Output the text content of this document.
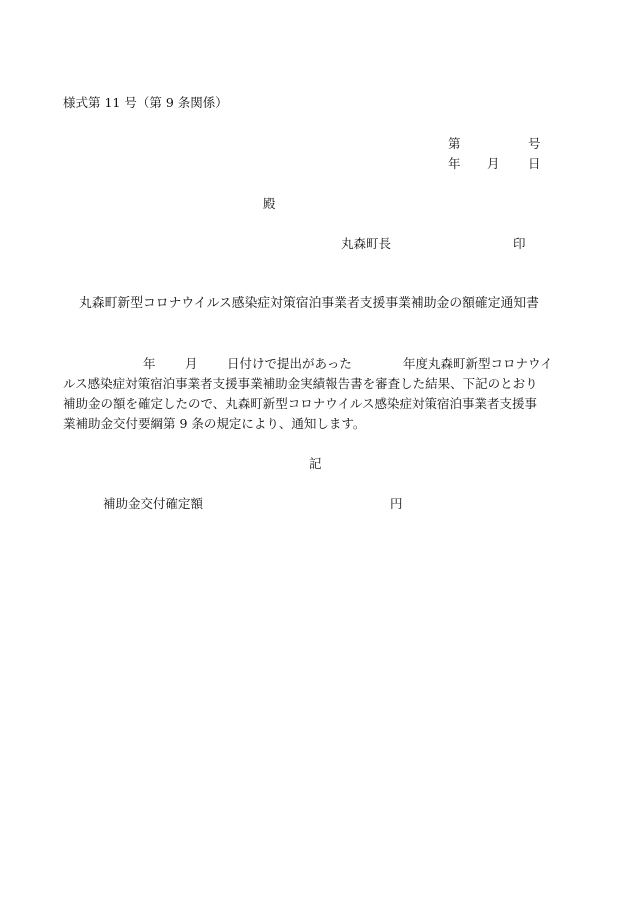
様式第 11 号（第 9 条関係）
第	号
年 月 日
殿
丸森町長	印
丸森町新型コロナウイルス感染症対策宿泊事業者支援事業補助金の額確定通知書
年 月 日付けで提出があった	年度丸森町新型コロナウイ
ルス感染症対策宿泊事業者支援事業補助金実績報告書を審査した結果、下記のとおり
補助金の額を確定したので、丸森町新型コロナウイルス感染症対策宿泊事業者支援事
業補助金交付要綱第 9 条の規定により、通知します。
記
補助金交付確定額	円
